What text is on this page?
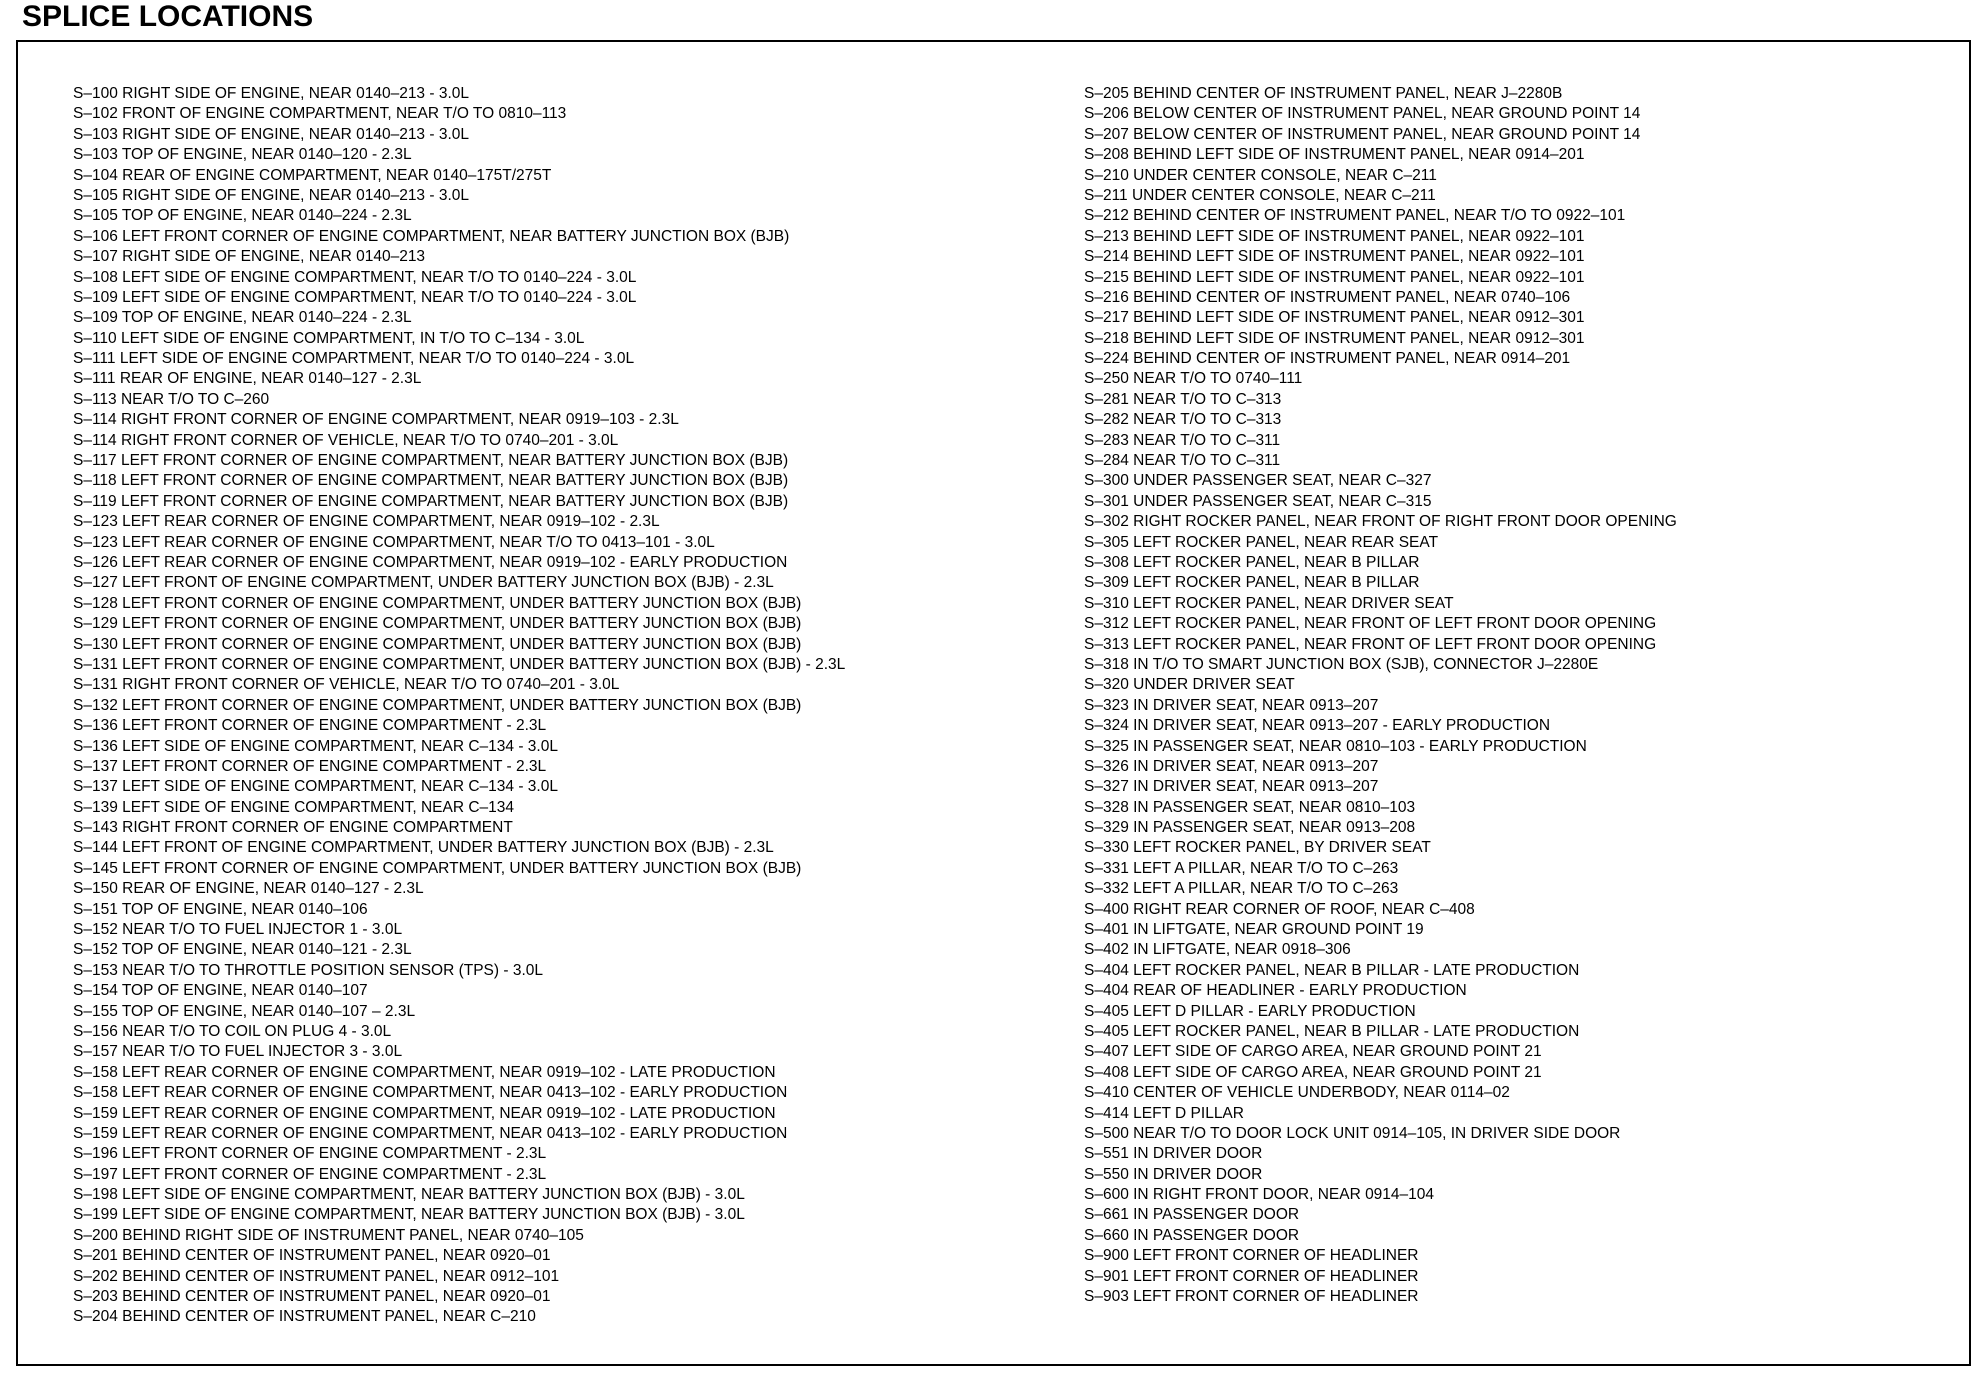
SPLICE LOCATIONS
S–100 RIGHT SIDE OF ENGINE, NEAR 0140–213 - 3.0L
S–102 FRONT OF ENGINE COMPARTMENT, NEAR T/O TO 0810–113
S–103 RIGHT SIDE OF ENGINE, NEAR 0140–213 - 3.0L
S–103 TOP OF ENGINE, NEAR 0140–120 - 2.3L
S–104 REAR OF ENGINE COMPARTMENT, NEAR 0140–175T/275T
S–105 RIGHT SIDE OF ENGINE, NEAR 0140–213 - 3.0L
S–105 TOP OF ENGINE, NEAR 0140–224 - 2.3L
S–106 LEFT FRONT CORNER OF ENGINE COMPARTMENT, NEAR BATTERY JUNCTION BOX (BJB)
S–107 RIGHT SIDE OF ENGINE, NEAR 0140–213
S–108 LEFT SIDE OF ENGINE COMPARTMENT, NEAR T/O TO 0140–224 - 3.0L
S–109 LEFT SIDE OF ENGINE COMPARTMENT, NEAR T/O TO 0140–224 - 3.0L
S–109 TOP OF ENGINE, NEAR 0140–224 - 2.3L
S–110 LEFT SIDE OF ENGINE COMPARTMENT, IN T/O TO C–134 - 3.0L
S–111 LEFT SIDE OF ENGINE COMPARTMENT, NEAR T/O TO 0140–224 - 3.0L
S–111 REAR OF ENGINE, NEAR 0140–127 - 2.3L
S–113 NEAR T/O TO C–260
S–114 RIGHT FRONT CORNER OF ENGINE COMPARTMENT, NEAR 0919–103 - 2.3L
S–114 RIGHT FRONT CORNER OF VEHICLE, NEAR T/O TO 0740–201 - 3.0L
S–117 LEFT FRONT CORNER OF ENGINE COMPARTMENT, NEAR BATTERY JUNCTION BOX (BJB)
S–118 LEFT FRONT CORNER OF ENGINE COMPARTMENT, NEAR BATTERY JUNCTION BOX (BJB)
S–119 LEFT FRONT CORNER OF ENGINE COMPARTMENT, NEAR BATTERY JUNCTION BOX (BJB)
S–123 LEFT REAR CORNER OF ENGINE COMPARTMENT, NEAR 0919–102 - 2.3L
S–123 LEFT REAR CORNER OF ENGINE COMPARTMENT, NEAR T/O TO 0413–101 - 3.0L
S–126 LEFT REAR CORNER OF ENGINE COMPARTMENT, NEAR 0919–102 - EARLY PRODUCTION
S–127 LEFT FRONT OF ENGINE COMPARTMENT, UNDER BATTERY JUNCTION BOX (BJB) - 2.3L
S–128 LEFT FRONT CORNER OF ENGINE COMPARTMENT, UNDER BATTERY JUNCTION BOX (BJB)
S–129 LEFT FRONT CORNER OF ENGINE COMPARTMENT, UNDER BATTERY JUNCTION BOX (BJB)
S–130 LEFT FRONT CORNER OF ENGINE COMPARTMENT, UNDER BATTERY JUNCTION BOX (BJB)
S–131 LEFT FRONT CORNER OF ENGINE COMPARTMENT, UNDER BATTERY JUNCTION BOX (BJB) - 2.3L
S–131 RIGHT FRONT CORNER OF VEHICLE, NEAR T/O TO 0740–201 - 3.0L
S–132 LEFT FRONT CORNER OF ENGINE COMPARTMENT, UNDER BATTERY JUNCTION BOX (BJB)
S–136 LEFT FRONT CORNER OF ENGINE COMPARTMENT - 2.3L
S–136 LEFT SIDE OF ENGINE COMPARTMENT, NEAR C–134 - 3.0L
S–137 LEFT FRONT CORNER OF ENGINE COMPARTMENT - 2.3L
S–137 LEFT SIDE OF ENGINE COMPARTMENT, NEAR C–134 - 3.0L
S–139 LEFT SIDE OF ENGINE COMPARTMENT, NEAR C–134
S–143 RIGHT FRONT CORNER OF ENGINE COMPARTMENT
S–144 LEFT FRONT OF ENGINE COMPARTMENT, UNDER BATTERY JUNCTION BOX (BJB) - 2.3L
S–145 LEFT FRONT CORNER OF ENGINE COMPARTMENT, UNDER BATTERY JUNCTION BOX (BJB)
S–150 REAR OF ENGINE, NEAR 0140–127 - 2.3L
S–151 TOP OF ENGINE, NEAR 0140–106
S–152 NEAR T/O TO FUEL INJECTOR 1 - 3.0L
S–152 TOP OF ENGINE, NEAR 0140–121 - 2.3L
S–153 NEAR T/O TO THROTTLE POSITION SENSOR (TPS) - 3.0L
S–154 TOP OF ENGINE, NEAR 0140–107
S–155 TOP OF ENGINE, NEAR 0140–107 – 2.3L
S–156 NEAR T/O TO COIL ON PLUG 4 - 3.0L
S–157 NEAR T/O TO FUEL INJECTOR 3 - 3.0L
S–158 LEFT REAR CORNER OF ENGINE COMPARTMENT, NEAR 0919–102 - LATE PRODUCTION
S–158 LEFT REAR CORNER OF ENGINE COMPARTMENT, NEAR 0413–102 - EARLY PRODUCTION
S–159 LEFT REAR CORNER OF ENGINE COMPARTMENT, NEAR 0919–102 - LATE PRODUCTION
S–159 LEFT REAR CORNER OF ENGINE COMPARTMENT, NEAR 0413–102 - EARLY PRODUCTION
S–196 LEFT FRONT CORNER OF ENGINE COMPARTMENT - 2.3L
S–197 LEFT FRONT CORNER OF ENGINE COMPARTMENT - 2.3L
S–198 LEFT SIDE OF ENGINE COMPARTMENT, NEAR BATTERY JUNCTION BOX (BJB) - 3.0L
S–199 LEFT SIDE OF ENGINE COMPARTMENT, NEAR BATTERY JUNCTION BOX (BJB) - 3.0L
S–200 BEHIND RIGHT SIDE OF INSTRUMENT PANEL, NEAR 0740–105
S–201 BEHIND CENTER OF INSTRUMENT PANEL, NEAR 0920–01
S–202 BEHIND CENTER OF INSTRUMENT PANEL, NEAR 0912–101
S–203 BEHIND CENTER OF INSTRUMENT PANEL, NEAR 0920–01
S–204 BEHIND CENTER OF INSTRUMENT PANEL, NEAR C–210
S–205 BEHIND CENTER OF INSTRUMENT PANEL, NEAR J–2280B
S–206 BELOW CENTER OF INSTRUMENT PANEL, NEAR GROUND POINT 14
S–207 BELOW CENTER OF INSTRUMENT PANEL, NEAR GROUND POINT 14
S–208 BEHIND LEFT SIDE OF INSTRUMENT PANEL, NEAR 0914–201
S–210 UNDER CENTER CONSOLE, NEAR C–211
S–211 UNDER CENTER CONSOLE, NEAR C–211
S–212 BEHIND CENTER OF INSTRUMENT PANEL, NEAR T/O TO 0922–101
S–213 BEHIND LEFT SIDE OF INSTRUMENT PANEL, NEAR 0922–101
S–214 BEHIND LEFT SIDE OF INSTRUMENT PANEL, NEAR 0922–101
S–215 BEHIND LEFT SIDE OF INSTRUMENT PANEL, NEAR 0922–101
S–216 BEHIND CENTER OF INSTRUMENT PANEL, NEAR 0740–106
S–217 BEHIND LEFT SIDE OF INSTRUMENT PANEL, NEAR 0912–301
S–218 BEHIND LEFT SIDE OF INSTRUMENT PANEL, NEAR 0912–301
S–224 BEHIND CENTER OF INSTRUMENT PANEL, NEAR 0914–201
S–250 NEAR T/O TO 0740–111
S–281 NEAR T/O TO C–313
S–282 NEAR T/O TO C–313
S–283 NEAR T/O TO C–311
S–284 NEAR T/O TO C–311
S–300 UNDER PASSENGER SEAT, NEAR C–327
S–301 UNDER PASSENGER SEAT, NEAR C–315
S–302 RIGHT ROCKER PANEL, NEAR FRONT OF RIGHT FRONT DOOR OPENING
S–305 LEFT ROCKER PANEL, NEAR REAR SEAT
S–308 LEFT ROCKER PANEL, NEAR B PILLAR
S–309 LEFT ROCKER PANEL, NEAR B PILLAR
S–310 LEFT ROCKER PANEL, NEAR DRIVER SEAT
S–312 LEFT ROCKER PANEL, NEAR FRONT OF LEFT FRONT DOOR OPENING
S–313 LEFT ROCKER PANEL, NEAR FRONT OF LEFT FRONT DOOR OPENING
S–318 IN T/O TO SMART JUNCTION BOX (SJB), CONNECTOR J–2280E
S–320 UNDER DRIVER SEAT
S–323 IN DRIVER SEAT, NEAR 0913–207
S–324 IN DRIVER SEAT, NEAR 0913–207 - EARLY PRODUCTION
S–325 IN PASSENGER SEAT, NEAR 0810–103 - EARLY PRODUCTION
S–326 IN DRIVER SEAT, NEAR 0913–207
S–327 IN DRIVER SEAT, NEAR 0913–207
S–328 IN PASSENGER SEAT, NEAR 0810–103
S–329 IN PASSENGER SEAT, NEAR 0913–208
S–330 LEFT ROCKER PANEL, BY DRIVER SEAT
S–331 LEFT A PILLAR, NEAR T/O TO C–263
S–332 LEFT A PILLAR, NEAR T/O TO C–263
S–400 RIGHT REAR CORNER OF ROOF, NEAR C–408
S–401 IN LIFTGATE, NEAR GROUND POINT 19
S–402 IN LIFTGATE, NEAR 0918–306
S–404 LEFT ROCKER PANEL, NEAR B PILLAR - LATE PRODUCTION
S–404 REAR OF HEADLINER - EARLY PRODUCTION
S–405 LEFT D PILLAR - EARLY PRODUCTION
S–405 LEFT ROCKER PANEL, NEAR B PILLAR - LATE PRODUCTION
S–407 LEFT SIDE OF CARGO AREA, NEAR GROUND POINT 21
S–408 LEFT SIDE OF CARGO AREA, NEAR GROUND POINT 21
S–410 CENTER OF VEHICLE UNDERBODY, NEAR 0114–02
S–414 LEFT D PILLAR
S–500 NEAR T/O TO DOOR LOCK UNIT 0914–105, IN DRIVER SIDE DOOR
S–551 IN DRIVER DOOR
S–550 IN DRIVER DOOR
S–600 IN RIGHT FRONT DOOR, NEAR 0914–104
S–661 IN PASSENGER DOOR
S–660 IN PASSENGER DOOR
S–900 LEFT FRONT CORNER OF HEADLINER
S–901 LEFT FRONT CORNER OF HEADLINER
S–903 LEFT FRONT CORNER OF HEADLINER
